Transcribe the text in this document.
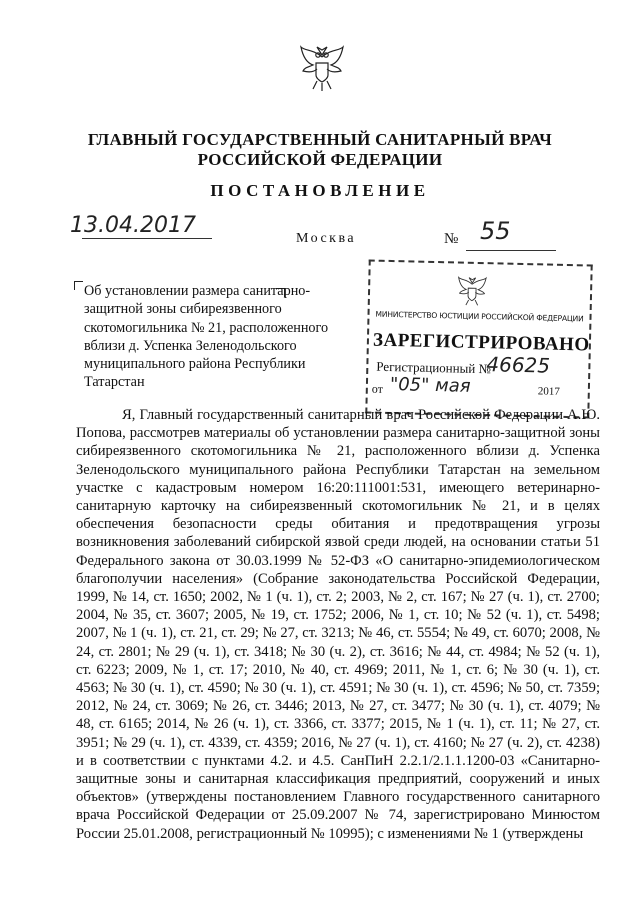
ГЛАВНЫЙ ГОСУДАРСТВЕННЫЙ САНИТАРНЫЙ ВРАЧ
РОССИЙСКОЙ ФЕДЕРАЦИИ
ПОСТАНОВЛЕНИЕ
13.04.2017
Москва	№ 55
Об установлении размера санитарно-защитной зоны сибиреязвенного скотомогильника № 21, расположенного вблизи д. Успенка Зеленодольского муниципального района Республики Татарстан
МИНИСТЕРСТВО ЮСТИЦИИ РОССИЙСКОЙ ФЕДЕРАЦИИ
ЗАРЕГИСТРИРОВАНО
Регистрационный №
46625
от "05" мая	2017
Я, Главный государственный санитарный врач Российской Федерации А.Ю. Попова, рассмотрев материалы об установлении размера санитарно-защитной зоны сибиреязвенного скотомогильника № 21, расположенного вблизи д. Успенка Зеленодольского муниципального района Республики Татарстан на земельном участке с кадастровым номером 16:20:111001:531, имеющего ветеринарно-санитарную карточку на сибиреязвенный скотомогильник № 21, и в целях обеспечения безопасности среды обитания и предотвращения угрозы возникновения заболеваний сибирской язвой среди людей, на основании статьи 51 Федерального закона от 30.03.1999 № 52-ФЗ «О санитарно-эпидемиологическом благополучии населения» (Собрание законодательства Российской Федерации, 1999, № 14, ст. 1650; 2002, № 1 (ч. 1), ст. 2; 2003, № 2, ст. 167; № 27 (ч. 1), ст. 2700; 2004, № 35, ст. 3607; 2005, № 19, ст. 1752; 2006, № 1, ст. 10; № 52 (ч. 1), ст. 5498; 2007, № 1 (ч. 1), ст. 21, ст. 29; № 27, ст. 3213; № 46, ст. 5554; № 49, ст. 6070; 2008, № 24, ст. 2801; № 29 (ч. 1), ст. 3418; № 30 (ч. 2), ст. 3616; № 44, ст. 4984; № 52 (ч. 1), ст. 6223; 2009, № 1, ст. 17; 2010, № 40, ст. 4969; 2011, № 1, ст. 6; № 30 (ч. 1), ст. 4563; № 30 (ч. 1), ст. 4590; № 30 (ч. 1), ст. 4591; № 30 (ч. 1), ст. 4596; № 50, ст. 7359; 2012, № 24, ст. 3069; № 26, ст. 3446; 2013, № 27, ст. 3477; № 30 (ч. 1), ст. 4079; № 48, ст. 6165; 2014, № 26 (ч. 1), ст. 3366, ст. 3377; 2015, № 1 (ч. 1), ст. 11; № 27, ст. 3951; № 29 (ч. 1), ст. 4339, ст. 4359; 2016, № 27 (ч. 1), ст. 4160; № 27 (ч. 2), ст. 4238) и в соответствии с пунктами 4.2. и 4.5. СанПиН 2.2.1/2.1.1.1200-03 «Санитарно-защитные зоны и санитарная классификация предприятий, сооружений и иных объектов» (утверждены постановлением Главного государственного санитарного врача Российской Федерации от 25.09.2007 № 74, зарегистрировано Минюстом России 25.01.2008, регистрационный № 10995); с изменениями № 1 (утверждены
